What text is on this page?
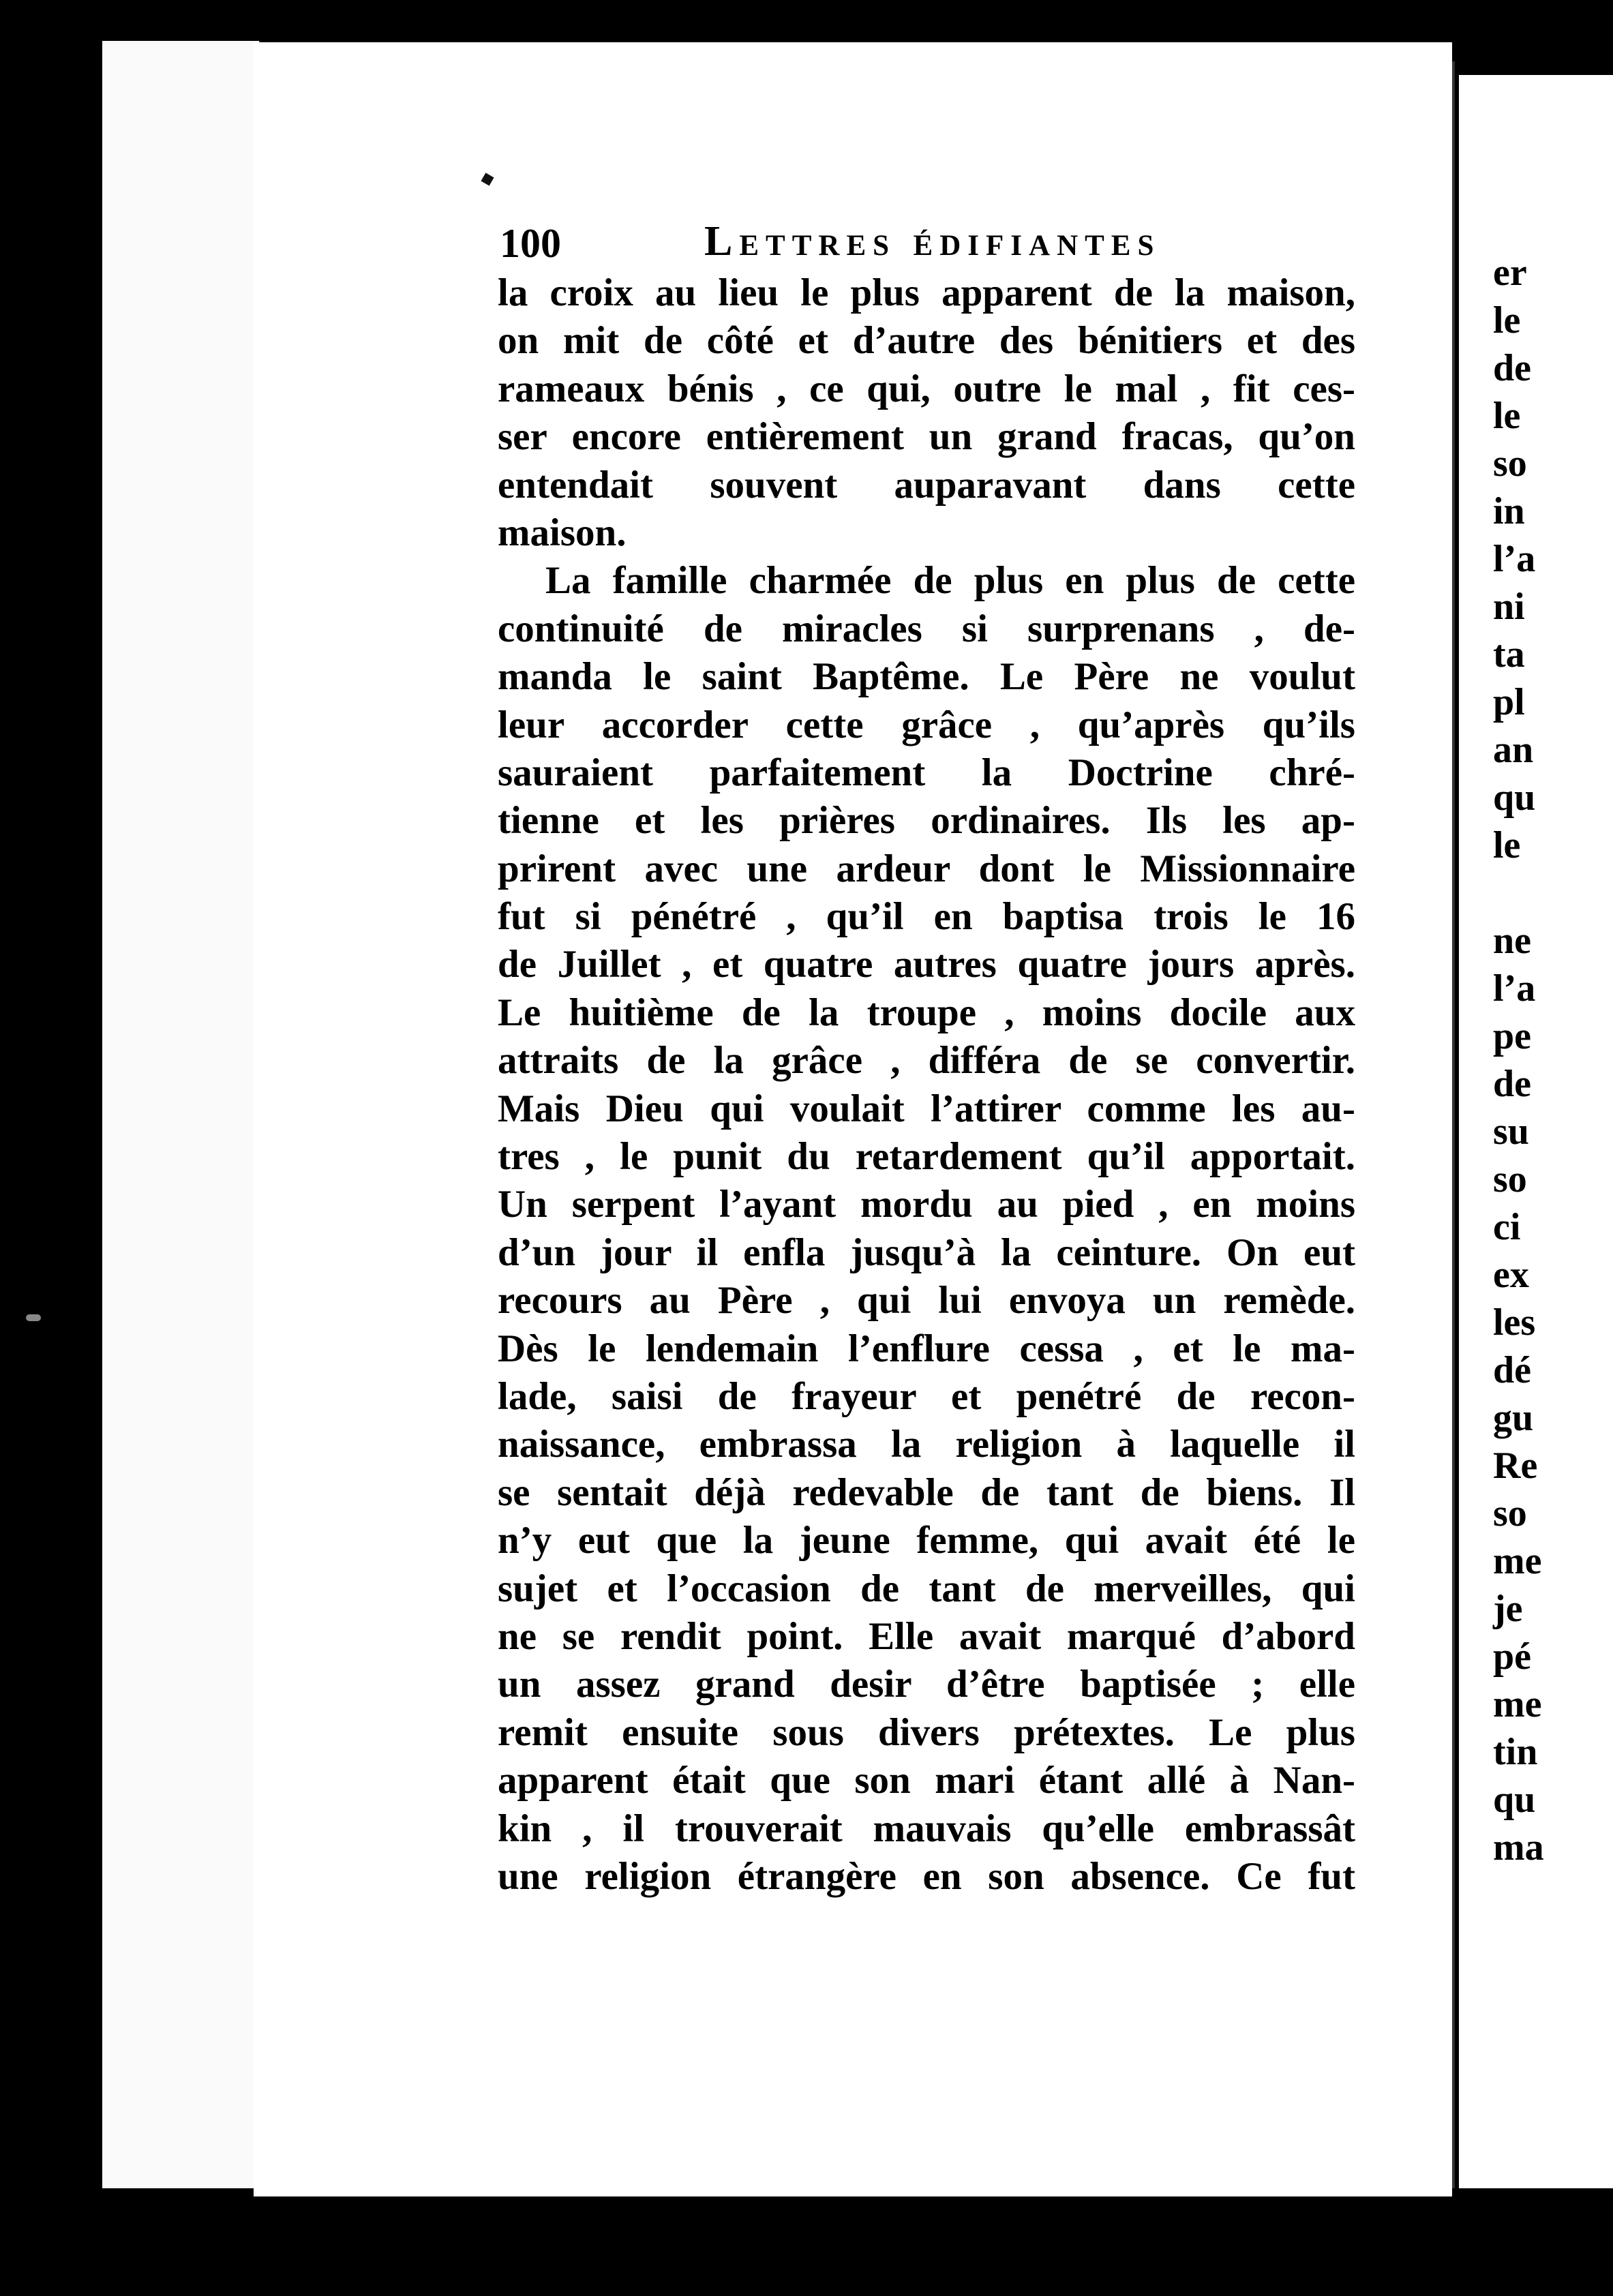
100	Lettres édifiantes
la croix au lieu le plus apparent de la maison,
on mit de côté et d’autre des bénitiers et des
rameaux bénis , ce qui, outre le mal , fit ces-
ser encore entièrement un grand fracas, qu’on
entendait souvent auparavant dans cette
maison.
La famille charmée de plus en plus de cette
continuité de miracles si surprenans , de-
manda le saint Baptême. Le Père ne voulut
leur accorder cette grâce , qu’après qu’ils
sauraient parfaitement la Doctrine chré-
tienne et les prières ordinaires. Ils les ap-
prirent avec une ardeur dont le Missionnaire
fut si pénétré , qu’il en baptisa trois le 16
de Juillet , et quatre autres quatre jours après.
Le huitième de la troupe , moins docile aux
attraits de la grâce , différa de se convertir.
Mais Dieu qui voulait l’attirer comme les au-
tres , le punit du retardement qu’il apportait.
Un serpent l’ayant mordu au pied , en moins
d’un jour il enfla jusqu’à la ceinture. On eut
recours au Père , qui lui envoya un remède.
Dès le lendemain l’enflure cessa , et le ma-
lade, saisi de frayeur et penétré de recon-
naissance, embrassa la religion à laquelle il
se sentait déjà redevable de tant de biens. Il
n’y eut que la jeune femme, qui avait été le
sujet et l’occasion de tant de merveilles, qui
ne se rendit point. Elle avait marqué d’abord
un assez grand desir d’être baptisée ; elle
remit ensuite sous divers prétextes. Le plus
apparent était que son mari étant allé à Nan-
kin , il trouverait mauvais qu’elle embrassât
une religion étrangère en son absence. Ce fut
er
le
de
le
so
in
l’a
ni
ta
pl
an
qu
le
ne
l’a
pe
de
su
so
ci
ex
les
dé
gu
Re
so
me
je
pé
me
tin
qu
ma
